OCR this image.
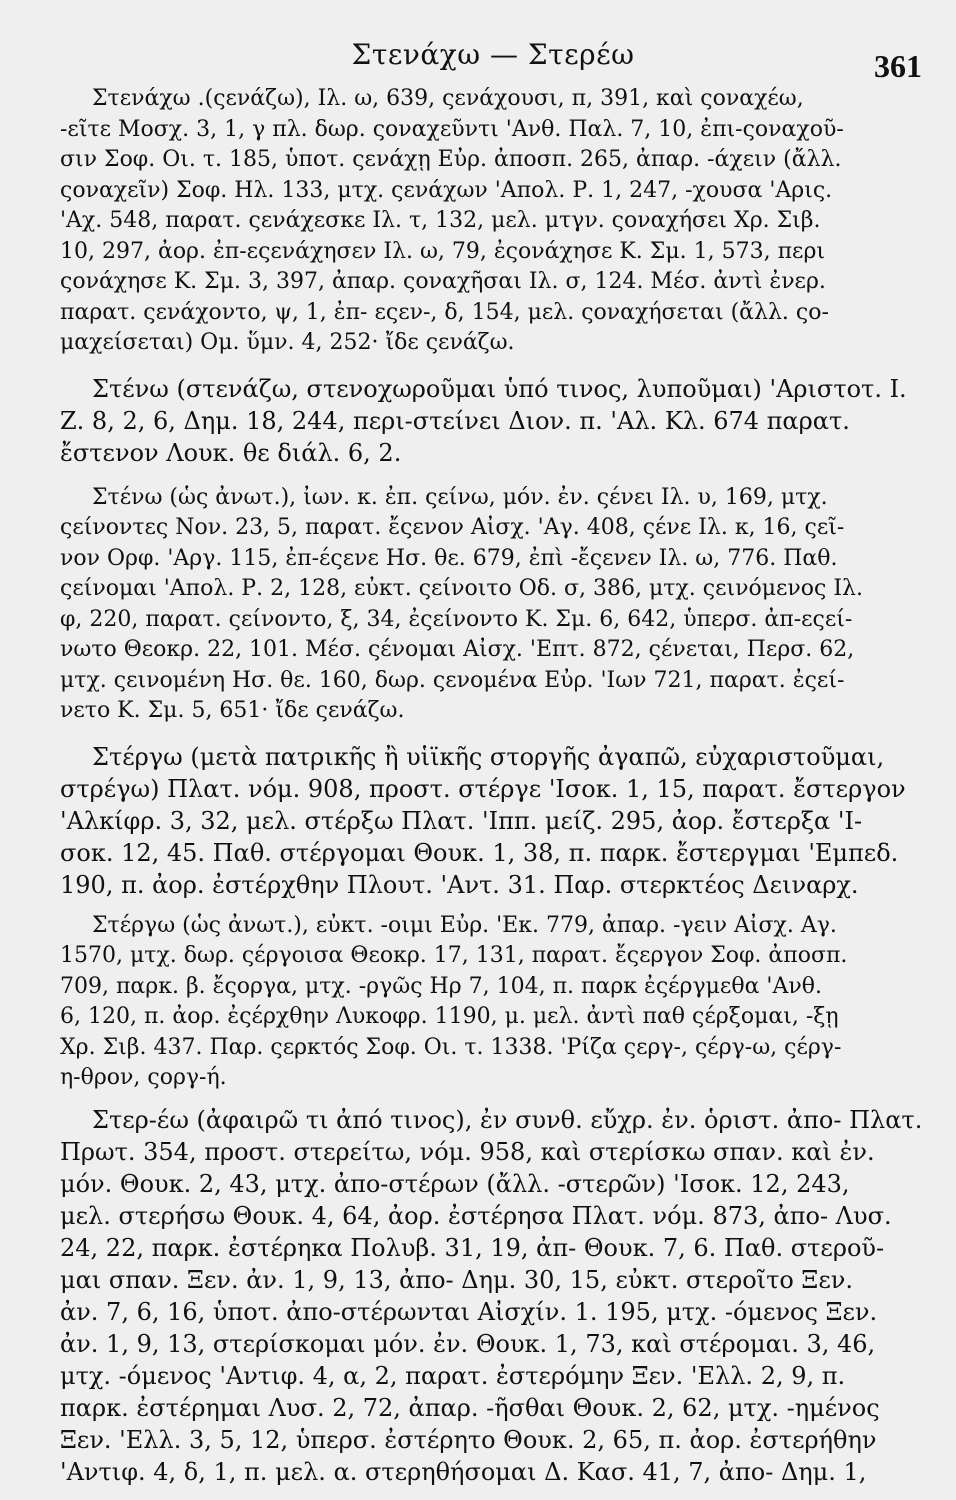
Στενάχω — Στερέω	361
Στενάχω .(ςενάζω), Ιλ. ω, 639, ςενάχουσι, π, 391, καὶ ςοναχέω,
-εῖτε Μοσχ. 3, 1, γ πλ. δωρ. ςοναχεῦντι 'Ανθ. Παλ. 7, 10, ἐπι-ςοναχοῦ-
σιν Σοφ. Οι. τ. 185, ὑποτ. ςενάχῃ Εὐρ. ἀποσπ. 265, ἀπαρ. -άχειν (ἄλλ.
ςοναχεῖν) Σοφ. Ηλ. 133, μτχ. ςενάχων 'Απολ. Ρ. 1, 247, -χουσα 'Αρις.
'Αχ. 548, παρατ. ςενάχεσκε Ιλ. τ, 132, μελ. μτγν. ςοναχήσει Χρ. Σιβ.
10, 297, ἀορ. ἐπ-εςενάχησεν Ιλ. ω, 79, ἐςονάχησε Κ. Σμ. 1, 573, περι
ςονάχησε Κ. Σμ. 3, 397, ἀπαρ. ςοναχῆσαι Ιλ. σ, 124. Μέσ. ἀντὶ ἐνερ.
παρατ. ςενάχοντο, ψ, 1, ἐπ- εςεν-, δ, 154, μελ. ςοναχήσεται (ἄλλ. ςο-
μαχείσεται) Ομ. ὕμν. 4, 252· ἴδε ςενάζω.
Στένω (στενάζω, στενοχωροῦμαι ὑπό τινος, λυποῦμαι) 'Αριστοτ. Ι.
Ζ. 8, 2, 6, Δημ. 18, 244, περι-στείνει Διον. π. 'Αλ. Κλ. 674 παρατ.
ἔστενον Λουκ. θε διάλ. 6, 2.
Στένω (ὡς ἀνωτ.), ἰων. κ. ἐπ. ςείνω, μόν. ἐν. ςένει Ιλ. υ, 169, μτχ.
ςείνοντες Νον. 23, 5, παρατ. ἔςενον Αἰσχ. 'Αγ. 408, ςένε Ιλ. κ, 16, ςεῖ-
νον Ορφ. 'Αργ. 115, ἐπ-έςενε Ησ. θε. 679, ἐπὶ -ἔςενεν Ιλ. ω, 776. Παθ.
ςείνομαι 'Απολ. Ρ. 2, 128, εὐκτ. ςείνοιτο Οδ. σ, 386, μτχ. ςεινόμενος Ιλ.
φ, 220, παρατ. ςείνοντο, ξ, 34, ἐςείνοντο Κ. Σμ. 6, 642, ὑπερσ. ἀπ-εςεί-
νωτο Θεοκρ. 22, 101. Μέσ. ςένομαι Αἰσχ. 'Επτ. 872, ςένεται, Περσ. 62,
μτχ. ςεινομένη Ησ. θε. 160, δωρ. ςενομένα Εὐρ. 'Ιων 721, παρατ. ἐςεί-
νετο Κ. Σμ. 5, 651· ἴδε ςενάζω.
Στέργω (μετὰ πατρικῆς ἢ υἱϊκῆς στοργῆς ἀγαπῶ, εὐχαριστοῦμαι,
στρέγω) Πλατ. νόμ. 908, προστ. στέργε 'Ισοκ. 1, 15, παρατ. ἔστεργον
'Αλκίφρ. 3, 32, μελ. στέρξω Πλατ. 'Ιππ. μείζ. 295, ἀορ. ἔστερξα 'Ι-
σοκ. 12, 45. Παθ. στέργομαι Θουκ. 1, 38, π. παρκ. ἔστεργμαι 'Εμπεδ.
190, π. ἀορ. ἐστέρχθην Πλουτ. 'Αντ. 31. Παρ. στερκτέος Δειναρχ.
Στέργω (ὡς ἀνωτ.), εὐκτ. -οιμι Εὐρ. 'Εκ. 779, ἀπαρ. -γειν Αἰσχ. Αγ.
1570, μτχ. δωρ. ςέργοισα Θεοκρ. 17, 131, παρατ. ἔςεργον Σοφ. ἀποσπ.
709, παρκ. β. ἔςοργα, μτχ. -ργῶς Ηρ 7, 104, π. παρκ ἐςέργμεθα 'Ανθ.
6, 120, π. ἀορ. ἐςέρχθην Λυκοφρ. 1190, μ. μελ. ἀντὶ παθ ςέρξομαι, -ξῃ
Χρ. Σιβ. 437. Παρ. ςερκτός Σοφ. Οι. τ. 1338. 'Ρίζα ςεργ-, ςέργ-ω, ςέργ-
η-θρον, ςοργ-ή.
Στερ-έω (ἀφαιρῶ τι ἀπό τινος), ἐν συνθ. εὔχρ. ἐν. ὁριστ. ἀπο- Πλατ.
Πρωτ. 354, προστ. στερείτω, νόμ. 958, καὶ στερίσκω σπαν. καὶ ἐν.
μόν. Θουκ. 2, 43, μτχ. ἀπο-στέρων (ἄλλ. -στερῶν) 'Ισοκ. 12, 243,
μελ. στερήσω Θουκ. 4, 64, ἀορ. ἐστέρησα Πλατ. νόμ. 873, ἀπο- Λυσ.
24, 22, παρκ. ἐστέρηκα Πολυβ. 31, 19, ἀπ- Θουκ. 7, 6. Παθ. στεροῦ-
μαι σπαν. Ξεν. ἀν. 1, 9, 13, ἀπο- Δημ. 30, 15, εὐκτ. στεροῖτο Ξεν.
ἀν. 7, 6, 16, ὑποτ. ἀπο-στέρωνται Αἰσχίν. 1. 195, μτχ. -όμενος Ξεν.
ἀν. 1, 9, 13, στερίσκομαι μόν. ἐν. Θουκ. 1, 73, καὶ στέρομαι. 3, 46,
μτχ. -όμενος 'Αντιφ. 4, α, 2, παρατ. ἐστερόμην Ξεν. 'Ελλ. 2, 9, π.
παρκ. ἐστέρημαι Λυσ. 2, 72, ἀπαρ. -ῆσθαι Θουκ. 2, 62, μτχ. -ημένος
Ξεν. 'Ελλ. 3, 5, 12, ὑπερσ. ἐστέρητο Θουκ. 2, 65, π. ἀορ. ἐστερήθην
'Αντιφ. 4, δ, 1, π. μελ. α. στερηθήσομαι Δ. Κασ. 41, 7, ἀπο- Δημ. 1,
